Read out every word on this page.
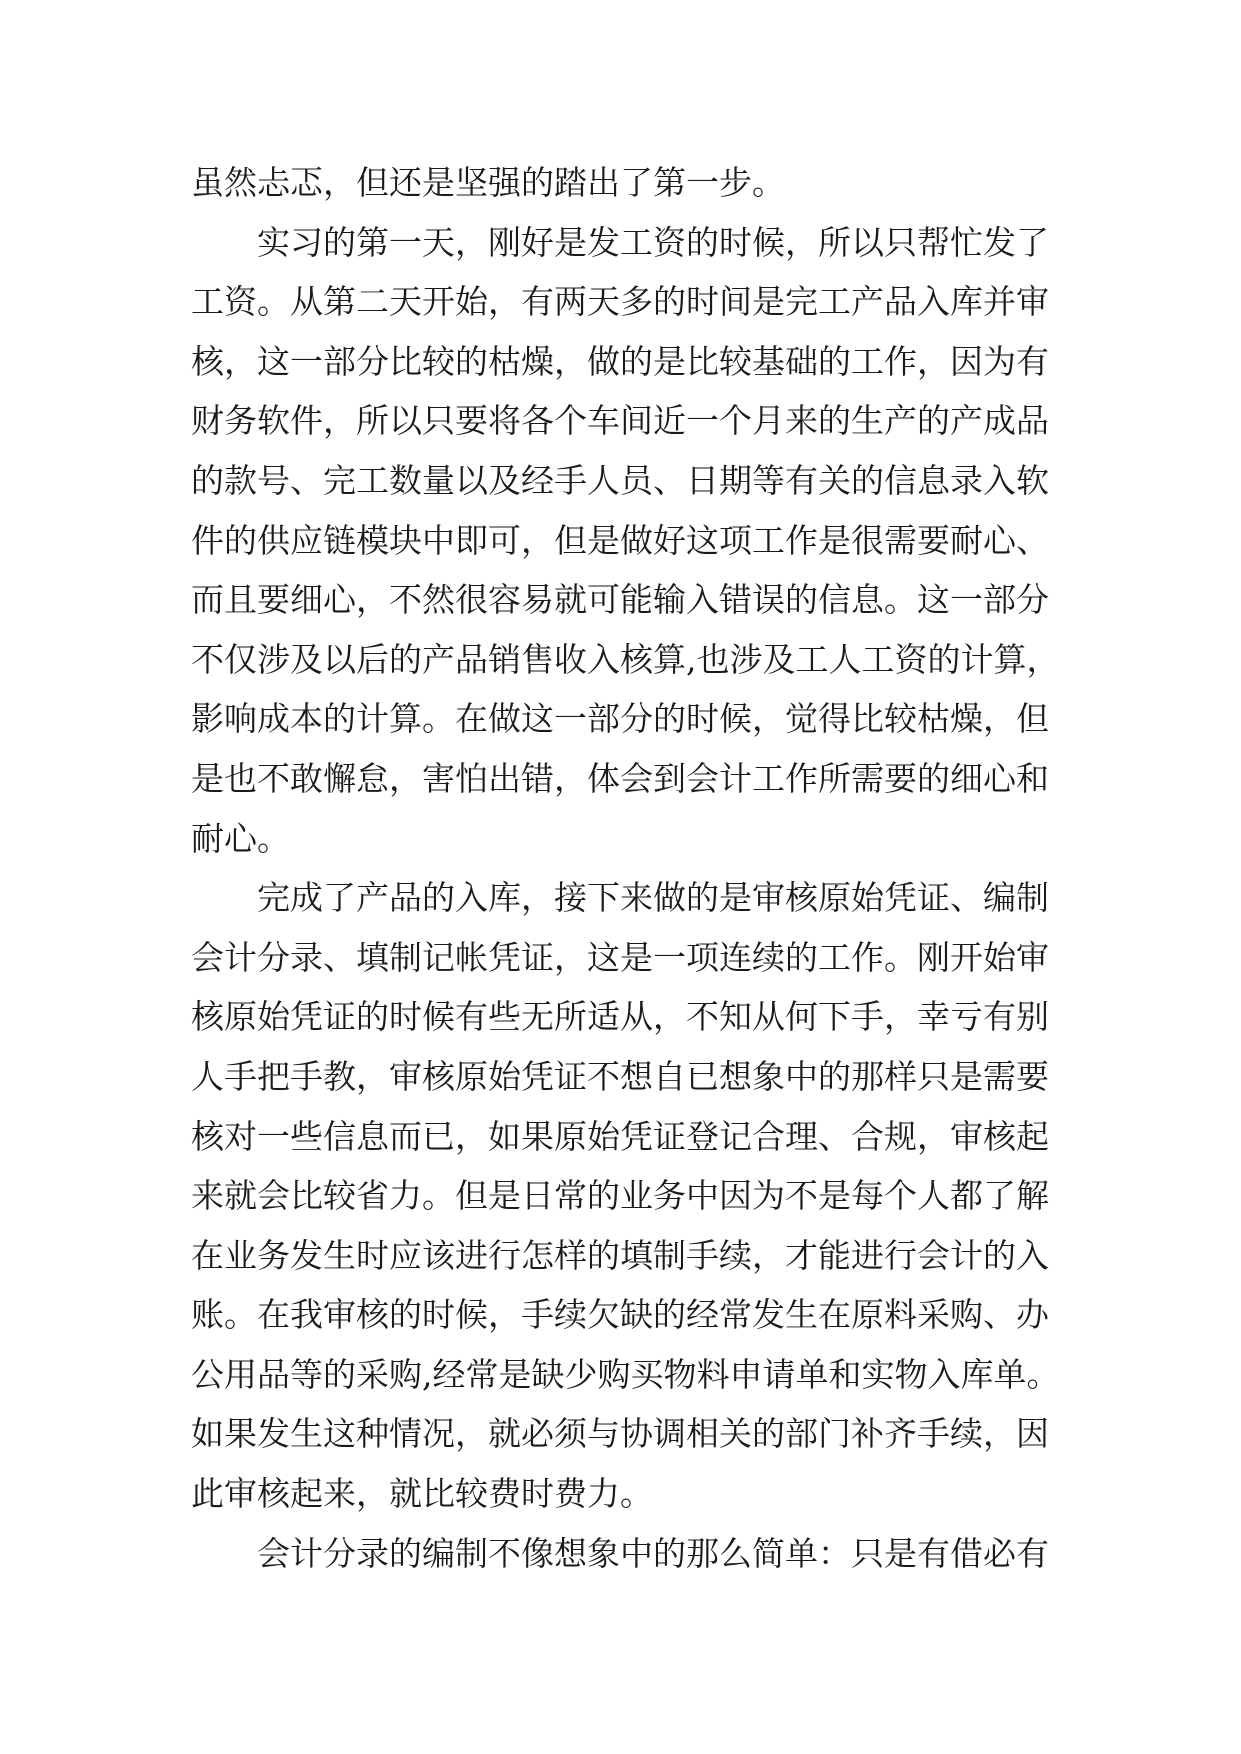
虽然忐忑，但还是坚强的踏出了第一步。
实习的第一天，刚好是发工资的时候，所以只帮忙发了
工资。从第二天开始，有两天多的时间是完工产品入库并审
核，这一部分比较的枯燥，做的是比较基础的工作，因为有
财务软件，所以只要将各个车间近一个月来的生产的产成品
的款号、完工数量以及经手人员、日期等有关的信息录入软
件的供应链模块中即可，但是做好这项工作是很需要耐心、
而且要细心，不然很容易就可能输入错误的信息。这一部分
不仅涉及以后的产品销售收入核算,也涉及工人工资的计算，
影响成本的计算。在做这一部分的时候，觉得比较枯燥，但
是也不敢懈怠，害怕出错，体会到会计工作所需要的细心和
耐心。
完成了产品的入库，接下来做的是审核原始凭证、编制
会计分录、填制记帐凭证，这是一项连续的工作。刚开始审
核原始凭证的时候有些无所适从，不知从何下手，幸亏有别
人手把手教，审核原始凭证不想自已想象中的那样只是需要
核对一些信息而已，如果原始凭证登记合理、合规，审核起
来就会比较省力。但是日常的业务中因为不是每个人都了解
在业务发生时应该进行怎样的填制手续，才能进行会计的入
账。在我审核的时候，手续欠缺的经常发生在原料采购、办
公用品等的采购,经常是缺少购买物料申请单和实物入库单。
如果发生这种情况，就必须与协调相关的部门补齐手续，因
此审核起来，就比较费时费力。
会计分录的编制不像想象中的那么简单：只是有借必有
